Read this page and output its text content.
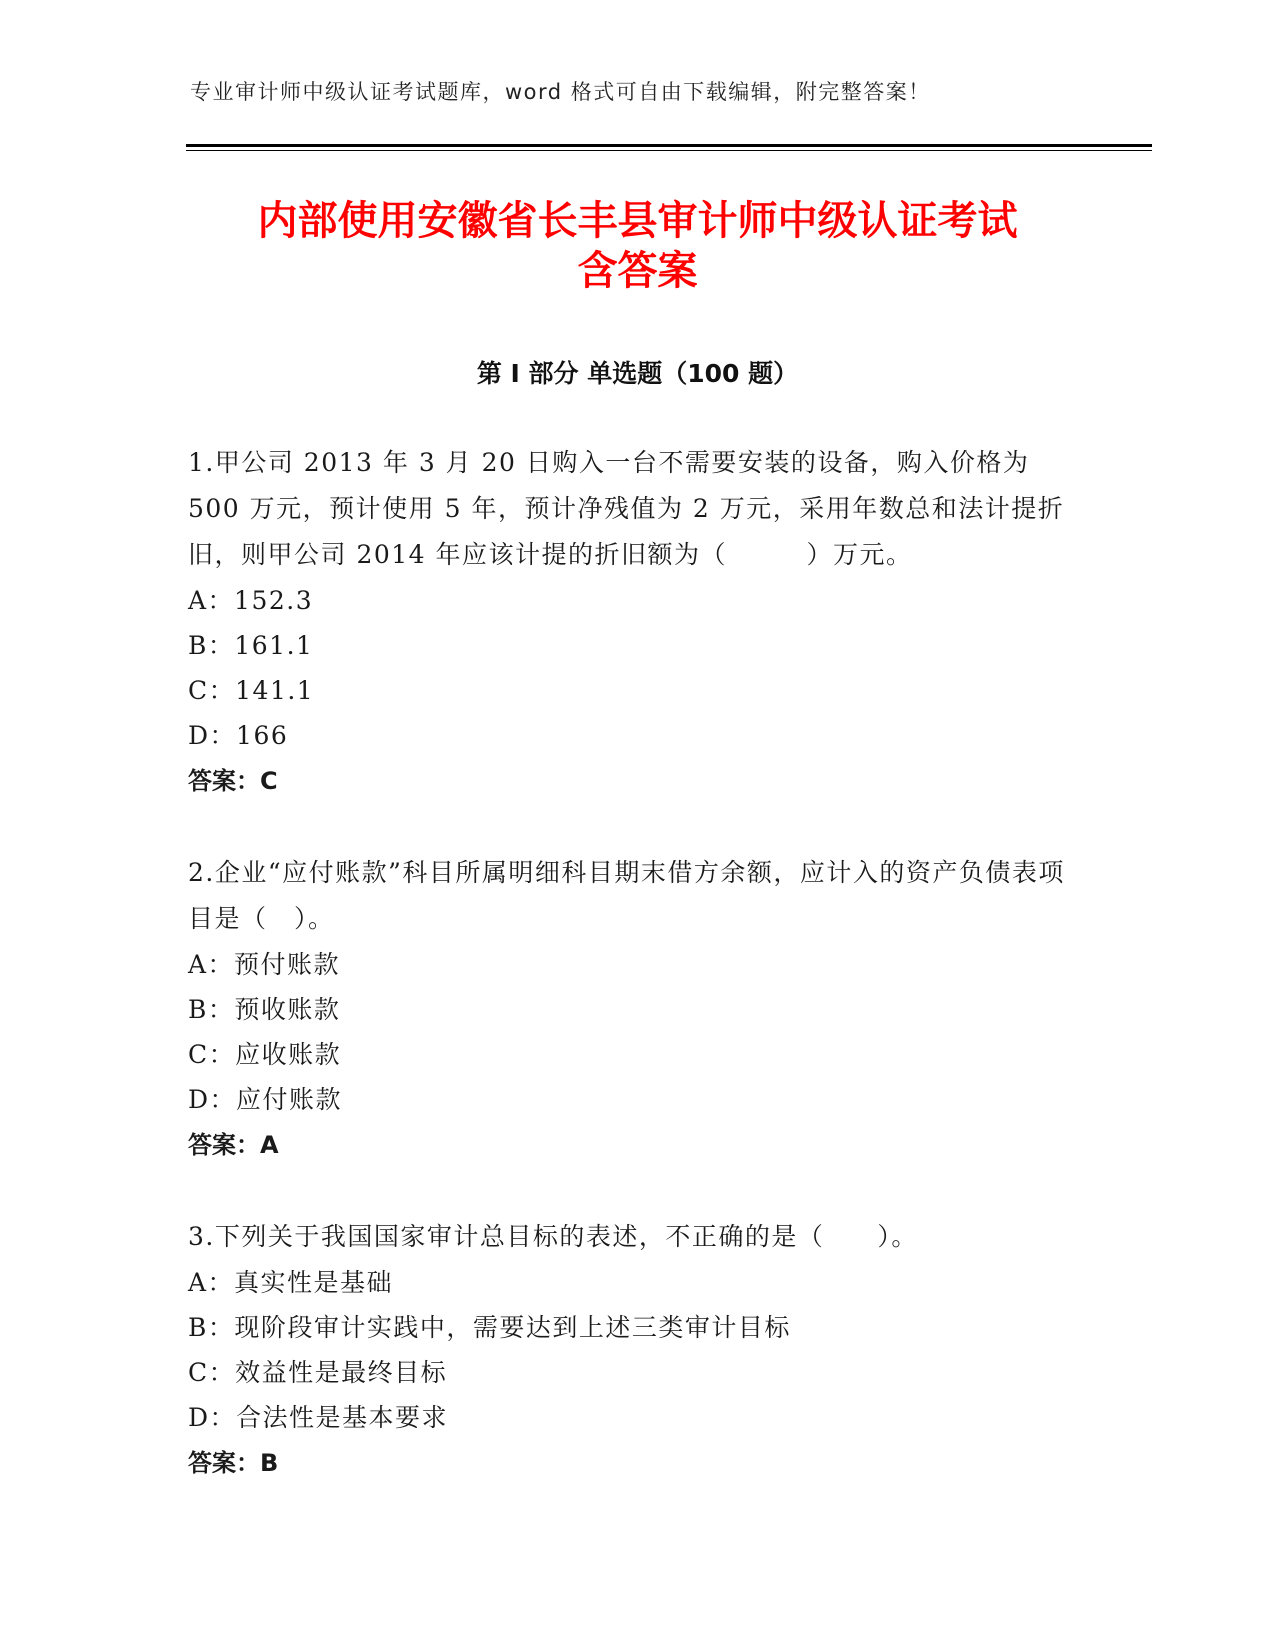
专业审计师中级认证考试题库，word 格式可自由下载编辑，附完整答案！
内部使用安徽省长丰县审计师中级认证考试
含答案
第 I 部分 单选题（100 题）

1.甲公司 2013 年 3 月 20 日购入一台不需要安装的设备，购入价格为 500 万元，预计使用 5 年，预计净残值为 2 万元，采用年数总和法计提折旧，则甲公司 2014 年应该计提的折旧额为（　　　）万元。

A：152.3

B：161.1

C：141.1

D：166

答案：C

2.企业“应付账款”科目所属明细科目期末借方余额，应计入的资产负债表项目是（　）。

A：预付账款

B：预收账款

C：应收账款

D：应付账款

答案：A

3.下列关于我国国家审计总目标的表述，不正确的是（　　）。

A：真实性是基础

B：现阶段审计实践中，需要达到上述三类审计目标

C：效益性是最终目标

D：合法性是基本要求

答案：B
